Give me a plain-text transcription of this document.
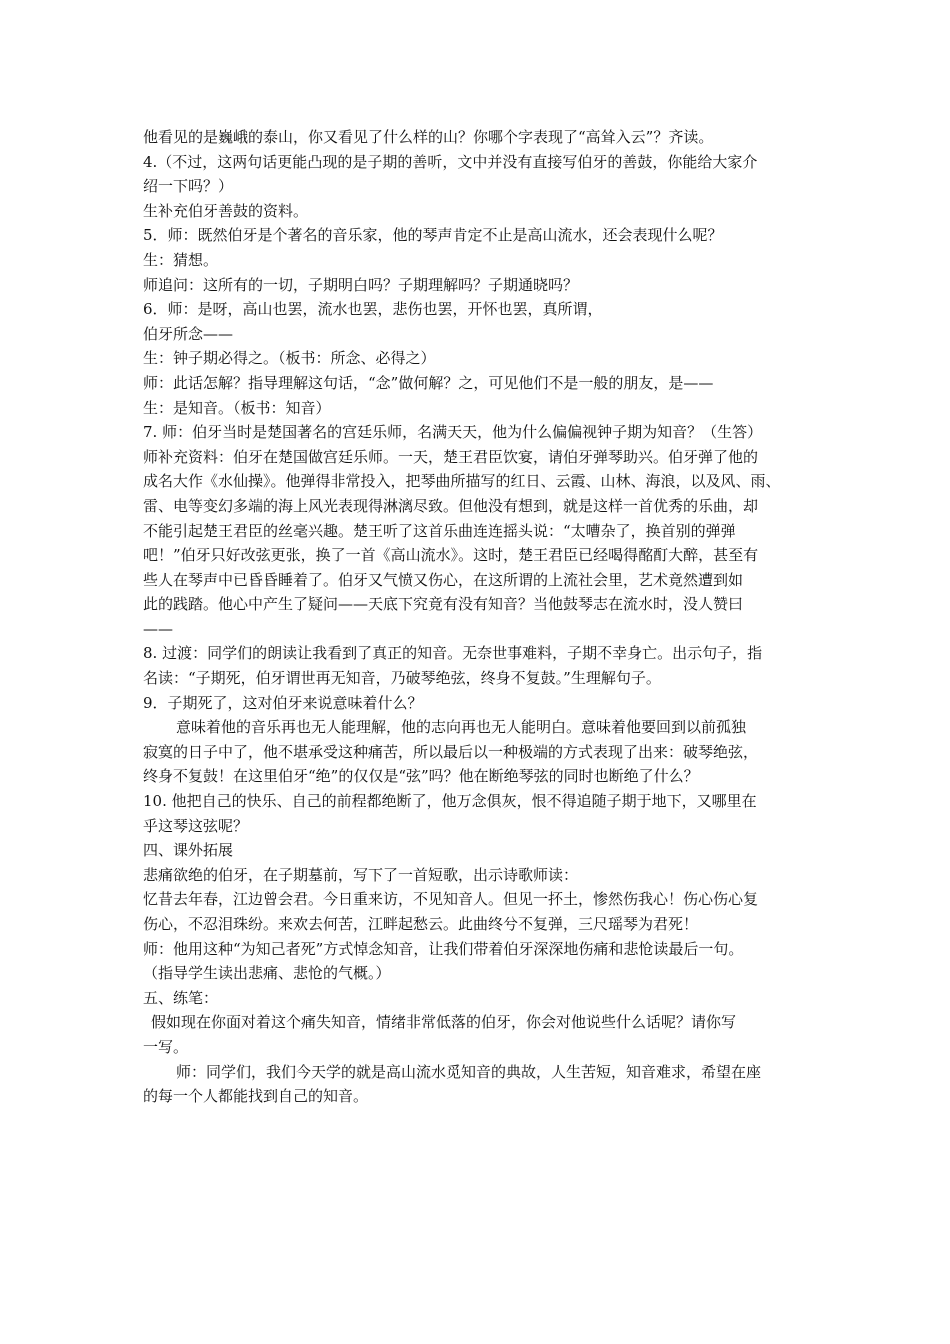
他看见的是巍峨的泰山，你又看见了什么样的山？你哪个字表现了“高耸入云”？齐读。
4.（不过，这两句话更能凸现的是子期的善听，文中并没有直接写伯牙的善鼓，你能给大家介
绍一下吗？）
生补充伯牙善鼓的资料。
5．师：既然伯牙是个著名的音乐家，他的琴声肯定不止是高山流水，还会表现什么呢？
生：猜想。
师追问：这所有的一切，子期明白吗？子期理解吗？子期通晓吗？
6．师：是呀，高山也罢，流水也罢，悲伤也罢，开怀也罢，真所谓，
伯牙所念——
生：钟子期必得之。（板书：所念、必得之）
师：此话怎解？指导理解这句话，“念”做何解？之，可见他们不是一般的朋友，是——
生：是知音。（板书：知音）
7. 师：伯牙当时是楚国著名的宫廷乐师，名满天天，他为什么偏偏视钟子期为知音？（生答）
师补充资料：伯牙在楚国做宫廷乐师。一天，楚王君臣饮宴，请伯牙弹琴助兴。伯牙弹了他的
成名大作《水仙操》。他弹得非常投入，把琴曲所描写的红日、云霞、山林、海浪，以及风、雨、
雷、电等变幻多端的海上风光表现得淋漓尽致。但他没有想到，就是这样一首优秀的乐曲，却
不能引起楚王君臣的丝毫兴趣。楚王听了这首乐曲连连摇头说：“太嘈杂了，换首别的弹弹
吧！”伯牙只好改弦更张，换了一首《高山流水》。这时，楚王君臣已经喝得酩酊大醉，甚至有
些人在琴声中已昏昏睡着了。伯牙又气愤又伤心，在这所谓的上流社会里，艺术竟然遭到如
此的践踏。他心中产生了疑问——天底下究竟有没有知音？当他鼓琴志在流水时，没人赞曰
——
8. 过渡：同学们的朗读让我看到了真正的知音。无奈世事难料，子期不幸身亡。出示句子，指
名读：“子期死，伯牙谓世再无知音，乃破琴绝弦，终身不复鼓。”生理解句子。
9．子期死了，这对伯牙来说意味着什么？
意味着他的音乐再也无人能理解，他的志向再也无人能明白。意味着他要回到以前孤独
寂寞的日子中了，他不堪承受这种痛苦，所以最后以一种极端的方式表现了出来：破琴绝弦，
终身不复鼓！在这里伯牙“绝”的仅仅是“弦”吗？他在断绝琴弦的同时也断绝了什么？
10. 他把自己的快乐、自己的前程都绝断了，他万念俱灰，恨不得追随子期于地下，又哪里在
乎这琴这弦呢？
四、课外拓展
悲痛欲绝的伯牙，在子期墓前，写下了一首短歌，出示诗歌师读：
忆昔去年春，江边曾会君。今日重来访，不见知音人。但见一抔土，惨然伤我心！伤心伤心复
伤心，不忍泪珠纷。来欢去何苦，江畔起愁云。此曲终兮不复弹，三尺瑶琴为君死！
师：他用这种“为知己者死”方式悼念知音，让我们带着伯牙深深地伤痛和悲怆读最后一句。
（指导学生读出悲痛、悲怆的气概。）
五、练笔：
假如现在你面对着这个痛失知音，情绪非常低落的伯牙，你会对他说些什么话呢？请你写
一写。
师：同学们，我们今天学的就是高山流水觅知音的典故，人生苦短，知音难求，希望在座
的每一个人都能找到自己的知音。
